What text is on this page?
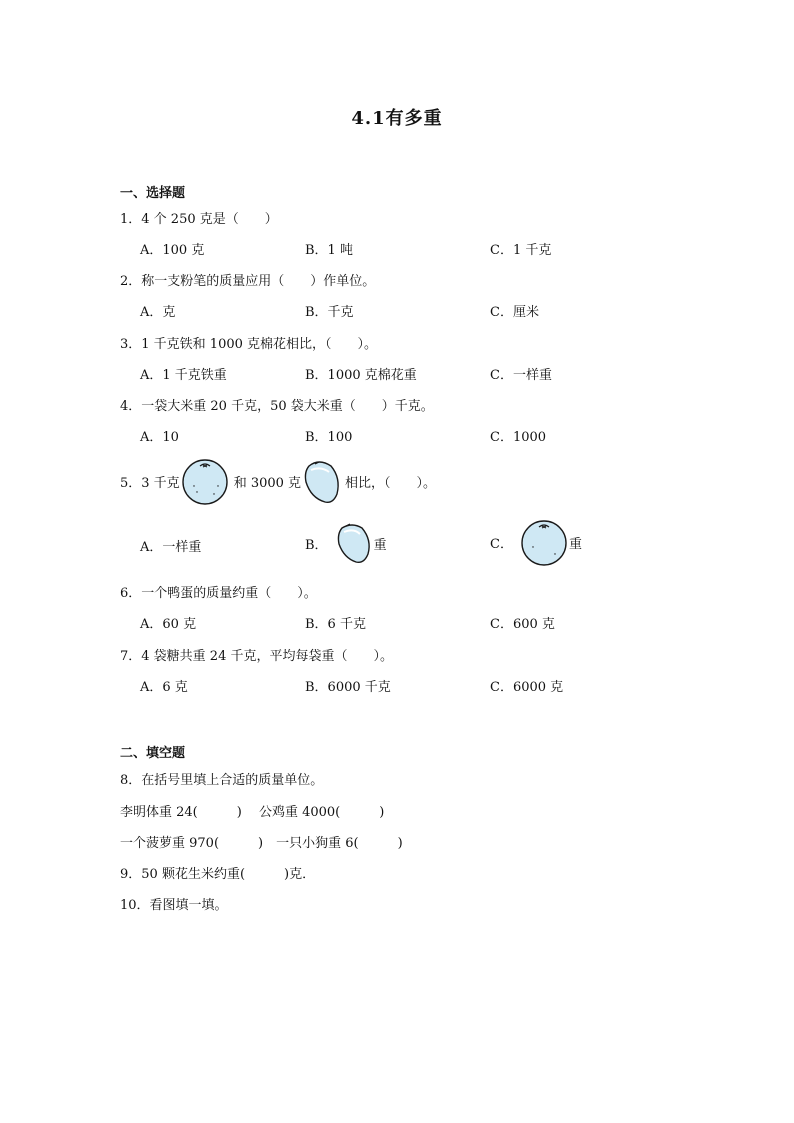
4.1有多重
一、选择题
1．4 个 250 克是（　　）
A．100 克	B．1 吨	C．1 千克
2．称一支粉笔的质量应用（　　）作单位。
A．克	B．千克	C．厘米
3．1 千克铁和 1000 克棉花相比，（　　）。
A．1 千克铁重	B．1000 克棉花重	C．一样重
4．一袋大米重 20 千克，50 袋大米重（　　）千克。
A．10	B．100	C．1000
5．3 千克	和 3000 克	相比，（　　）。
A．一样重	B．	重	C．	重
6．一个鸭蛋的质量约重（　　）。
A．60 克	B．6 千克	C．600 克
7．4 袋糖共重 24 千克，平均每袋重（　　）。
A．6 克	B．6000 千克	C．6000 克
二、填空题
8．在括号里填上合适的质量单位。
李明体重 24(　　　)　 公鸡重 4000(　　　)
一个菠萝重 970(　　　)　一只小狗重 6(　　　)
9．50 颗花生米约重(　　　)克．
10．看图填一填。
